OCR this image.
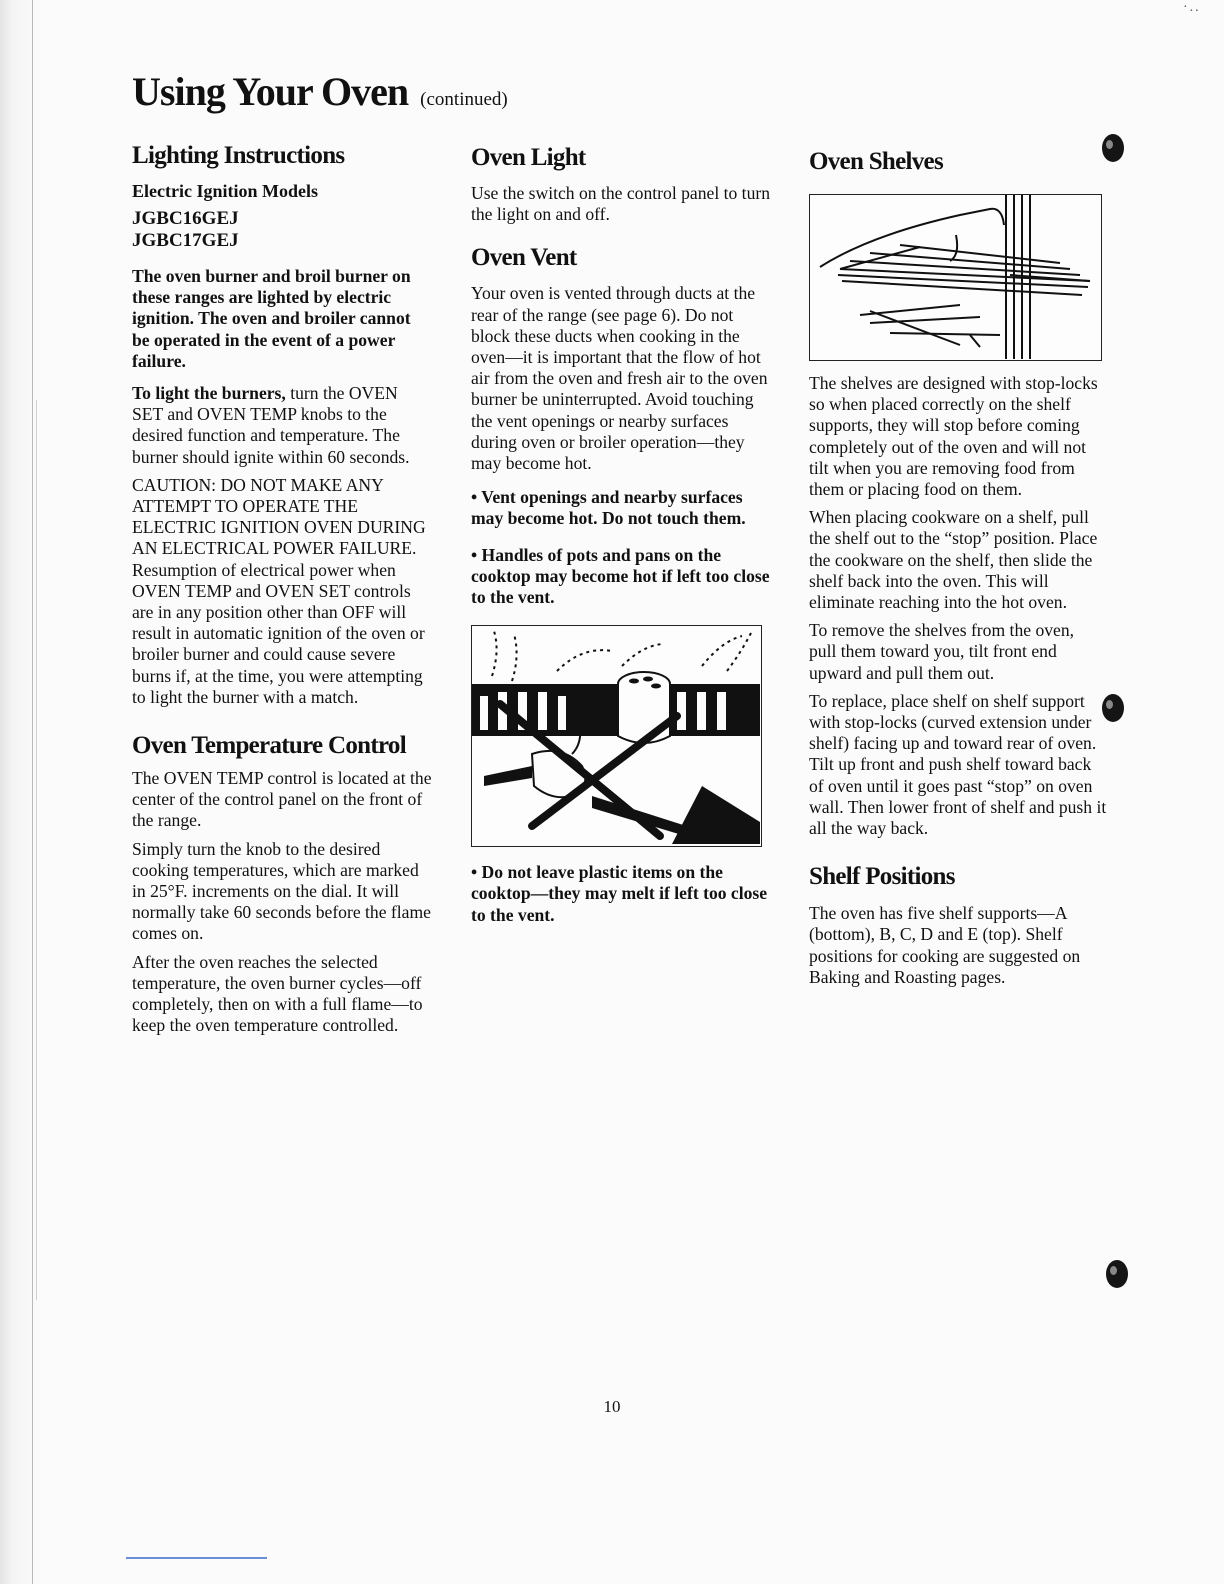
·..
Using Your Oven (continued)
Lighting Instructions
Electric Ignition Models
JGBC16GEJ
JGBC17GEJ

The oven burner and broil burner on these ranges are lighted by electric ignition. The oven and broiler cannot be operated in the event of a power failure.

To light the burners, turn the OVEN SET and OVEN TEMP knobs to the desired function and temperature. The burner should ignite within 60 seconds.

CAUTION: DO NOT MAKE ANY ATTEMPT TO OPERATE THE ELECTRIC IGNITION OVEN DURING AN ELECTRICAL POWER FAILURE. Resumption of electrical power when OVEN TEMP and OVEN SET controls are in any position other than OFF will result in automatic ignition of the oven or broiler burner and could cause severe burns if, at the time, you were attempting to light the burner with a match.

Oven Temperature Control

The OVEN TEMP control is located at the center of the control panel on the front of the range.

Simply turn the knob to the desired cooking temperatures, which are marked in 25°F. increments on the dial. It will normally take 60 seconds before the flame comes on.

After the oven reaches the selected temperature, the oven burner cycles—off completely, then on with a full flame—to keep the oven temperature controlled.

Oven Light

Use the switch on the control panel to turn the light on and off.

Oven Vent

Your oven is vented through ducts at the rear of the range (see page 6). Do not block these ducts when cooking in the oven—it is important that the flow of hot air from the oven and fresh air to the oven burner be uninterrupted. Avoid touching the vent openings or nearby surfaces during oven or broiler operation—they may become hot.

• Vent openings and nearby surfaces may become hot. Do not touch them.

• Handles of pots and pans on the cooktop may become hot if left too close to the vent.

• Do not leave plastic items on the cooktop—they may melt if left too close to the vent.

Oven Shelves

The shelves are designed with stop-locks so when placed correctly on the shelf supports, they will stop before coming completely out of the oven and will not tilt when you are removing food from them or placing food on them.

When placing cookware on a shelf, pull the shelf out to the “stop” position. Place the cookware on the shelf, then slide the shelf back into the oven. This will eliminate reaching into the hot oven.

To remove the shelves from the oven, pull them toward you, tilt front end upward and pull them out.

To replace, place shelf on shelf support with stop-locks (curved extension under shelf) facing up and toward rear of oven. Tilt up front and push shelf toward back of oven until it goes past “stop” on oven wall. Then lower front of shelf and push it all the way back.

Shelf Positions

The oven has five shelf supports—A (bottom), B, C, D and E (top). Shelf positions for cooking are suggested on Baking and Roasting pages.

10
